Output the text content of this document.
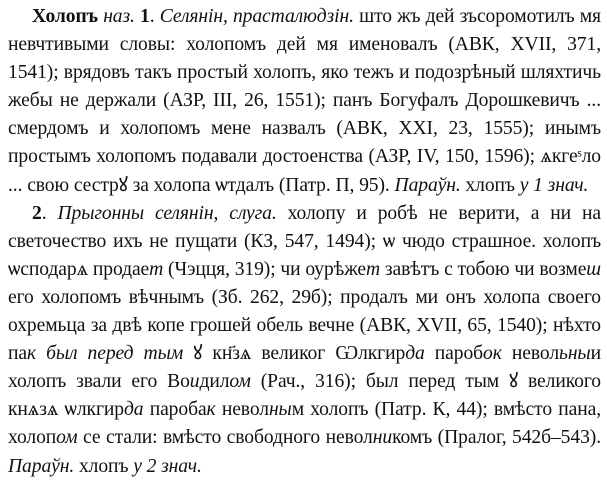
Холопъ наз. 1. Селянін, прасталюдзін. што жъ дей зъсоромотилъ мя невчтивыми словы: холопомъ дей мя именовалъ (АВК, XVII, 371, 1541); врядовъ такъ простый холопъ, яко тежъ и подозрѣный шляхтичь жебы не держали (АЗР, III, 26, 1551); панъ Богуфалъ Дорошкевичъ ... смердомъ и холопомъ мене назвалъ (АВК, XXI, 23, 1555); инымъ простымъ холопомъ подавали достоенства (АЗР, IV, 150, 1596); ѧкгеˢло ... свою сестрꙋ за холопа ѡтдалъ (Патр. П, 95). Параўн. хлопъ у 1 знач.

2. Прыгонны селянін, слуга. холопу и робѣ не верити, а ни на светочество ихъ не пущати (КЗ, 547, 1494); ѡ чюдо страшное. холопъ ѡсподарѧ продает (Чэцця, 319); чи оурѣжет завѣтъ с тобою чи возмеш его холопомъ вѣчнымъ (Зб. 262, 29б); продалъ ми онъ холопа своего охремьца за двѣ копе грошей обель вечне (АВК, XVII, 65, 1540); нѣхто пак был перед тым ꙋ кн҃зѧ великог Ѡлкгирда паробок невольныи холопъ звали его Воидилом (Рач., 316); был перед тым ꙋ великого кнѧзѧ ѡлкгирда паробак неволным холопъ (Патр. К, 44); вмѣсто пана, холопом се стали: вмѣсто свободного неволникомъ (Пралог, 542б–543). Параўн. хлопъ у 2 знач.
